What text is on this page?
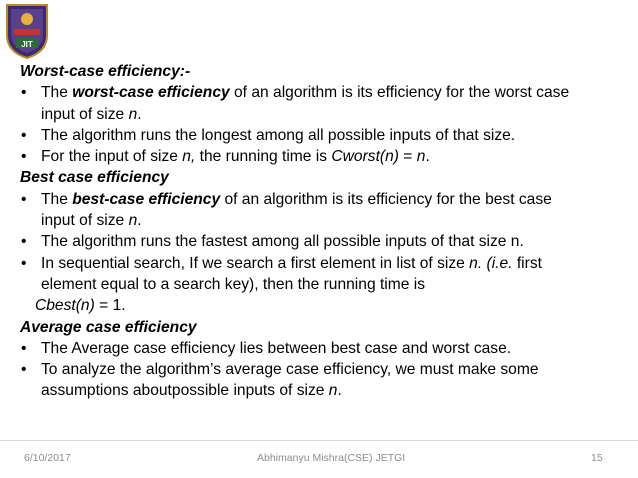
JIT

Worst-case efficiency:-

• The worst-case efficiency of an algorithm is its efficiency for the worst case
input of size n.
• The algorithm runs the longest among all possible inputs of that size.
• For the input of size n, the running time is Cworst(n) = n.

Best case efficiency

• The best-case efficiency of an algorithm is its efficiency for the best case
input of size n.
• The algorithm runs the fastest among all possible inputs of that size n.
• In sequential search, If we search a first element in list of size n. (i.e. first
element equal to a search key), then the running time is

Cbest(n) = 1.

Average case efficiency

• The Average case efficiency lies between best case and worst case.
• To analyze the algorithm’s average case efficiency, we must make some
assumptions aboutpossible inputs of size n.
6/10/2017	Abhimanyu Mishra(CSE) JETGI	15
